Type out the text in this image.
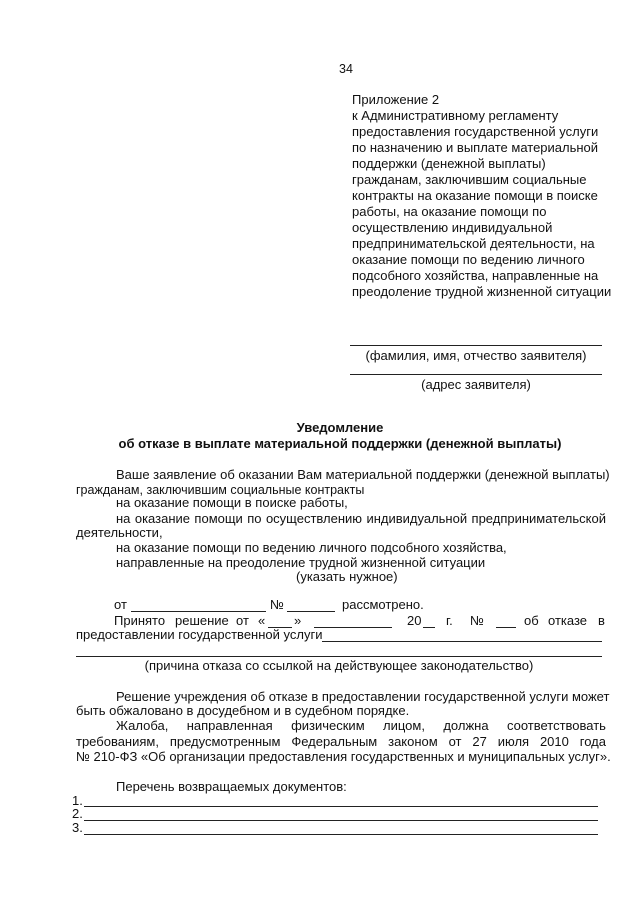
34
Приложение 2
к Административному регламенту
предоставления государственной услуги
по назначению и выплате материальной
поддержки (денежной выплаты)
гражданам, заключившим социальные
контракты на оказание помощи в поиске
работы, на оказание помощи по
осуществлению индивидуальной
предпринимательской деятельности, на
оказание помощи по ведению личного
подсобного хозяйства, направленные на
преодоление трудной жизненной ситуации
(фамилия, имя, отчество заявителя)
(адрес заявителя)
Уведомление
об отказе в выплате материальной поддержки (денежной выплаты)
Ваше заявление об оказании Вам материальной поддержки (денежной выплаты)
гражданам, заключившим социальные контракты
на оказание помощи в поиске работы,
на оказание помощи по осуществлению индивидуальной предпринимательской
деятельности,
на оказание помощи по ведению личного подсобного хозяйства,
направленные на преодоление трудной жизненной ситуации
(указать нужное)
от	№	рассмотрено.
Принято решение от « »	20 г. №	об отказе в
предоставлении государственной услуги
(причина отказа со ссылкой на действующее законодательство)
Решение учреждения об отказе в предоставлении государственной услуги может
быть обжаловано в досудебном и в судебном порядке.
Жалоба, направленная физическим лицом, должна соответствовать
требованиям, предусмотренным Федеральным законом от 27 июля 2010 года
№ 210-ФЗ «Об организации предоставления государственных и муниципальных услуг».
Перечень возвращаемых документов:
1.
2.
3.
